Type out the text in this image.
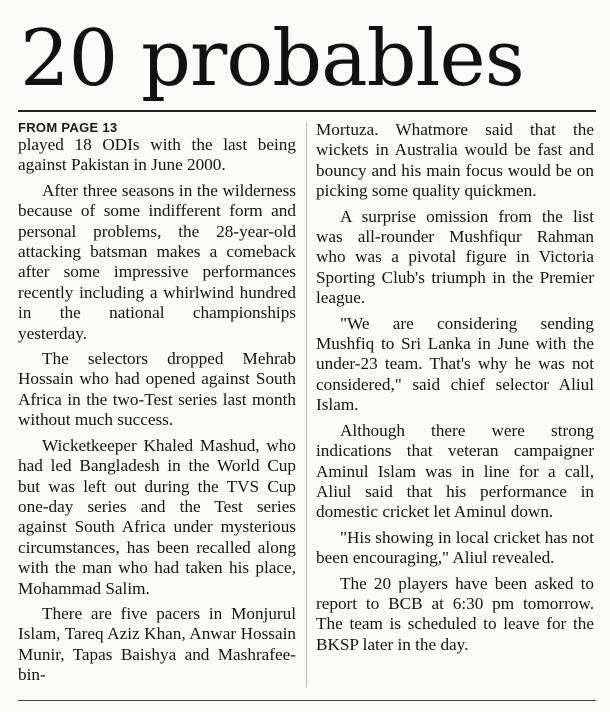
20 probables
FROM PAGE 13

played 18 ODIs with the last being against Pakistan in June 2000.

After three seasons in the wilderness because of some indifferent form and personal problems, the 28-year-old attacking batsman makes a comeback after some impressive performances recently including a whirlwind hundred in the national championships yesterday.

The selectors dropped Mehrab Hossain who had opened against South Africa in the two-Test series last month without much success.

Wicketkeeper Khaled Mashud, who had led Bangladesh in the World Cup but was left out during the TVS Cup one-day series and the Test series against South Africa under mysterious circumstances, has been recalled along with the man who had taken his place, Mohammad Salim.

There are five pacers in Monjurul Islam, Tareq Aziz Khan, Anwar Hossain Munir, Tapas Baishya and Mashrafee-bin-

Mortuza. Whatmore said that the wickets in Australia would be fast and bouncy and his main focus would be on picking some quality quickmen.

A surprise omission from the list was all-rounder Mushfiqur Rahman who was a pivotal figure in Victoria Sporting Club's triumph in the Premier league.

"We are considering sending Mushfiq to Sri Lanka in June with the under-23 team. That's why he was not considered," said chief selector Aliul Islam.

Although there were strong indications that veteran campaigner Aminul Islam was in line for a call, Aliul said that his performance in domestic cricket let Aminul down.

"His showing in local cricket has not been encouraging," Aliul revealed.

The 20 players have been asked to report to BCB at 6:30 pm tomorrow. The team is scheduled to leave for the BKSP later in the day.
